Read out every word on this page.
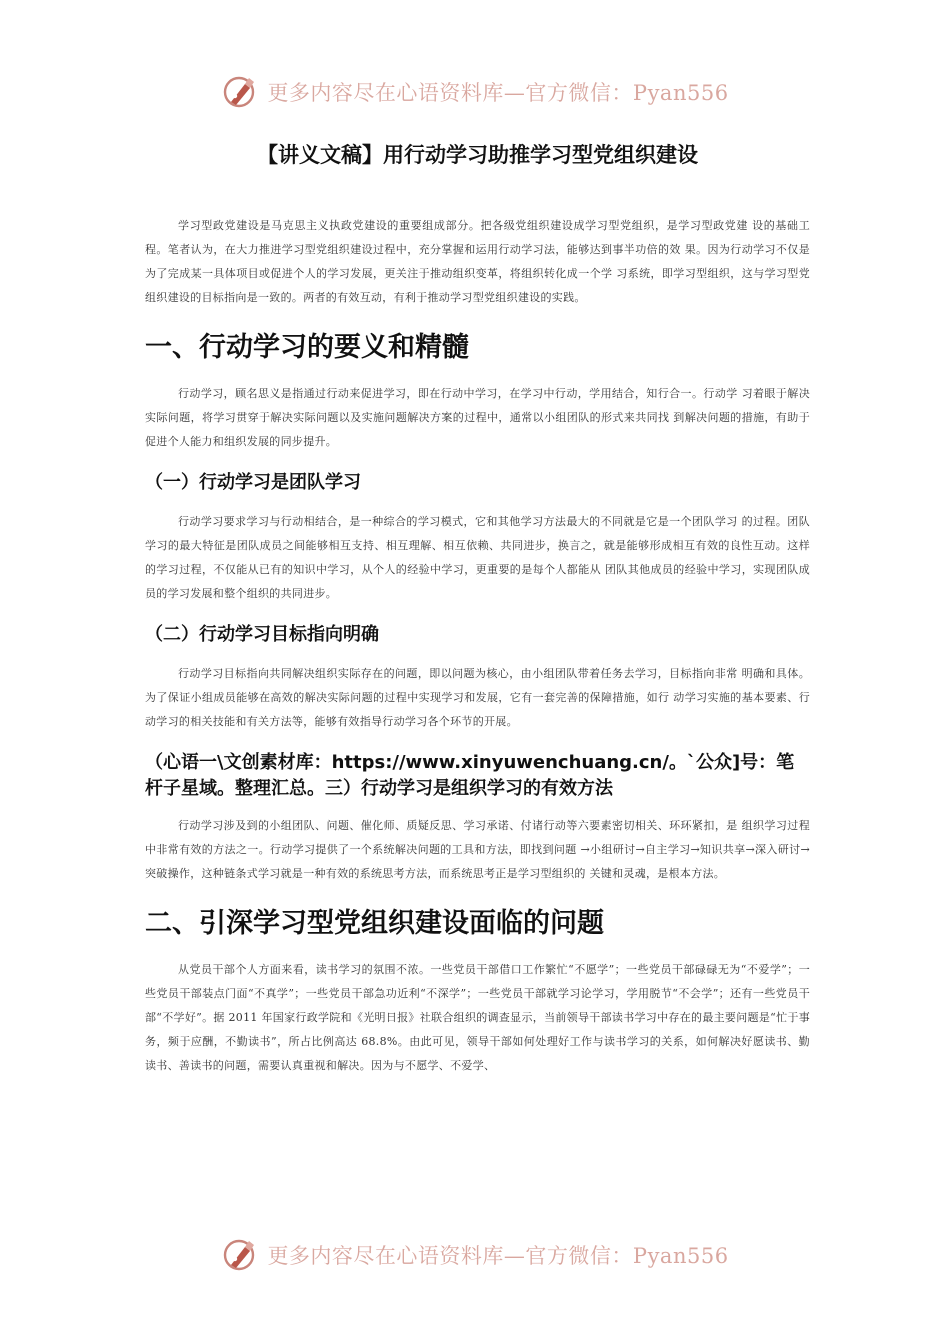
更多内容尽在心语资料库—官方微信：Pyan556
【讲义文稿】用行动学习助推学习型党组织建设

学习型政党建设是马克思主义执政党建设的重要组成部分。把各级党组织建设成学习型党组织，是学习型政党建 设的基础工程。笔者认为，在大力推进学习型党组织建设过程中，充分掌握和运用行动学习法，能够达到事半功倍的效 果。因为行动学习不仅是为了完成某一具体项目或促进个人的学习发展，更关注于推动组织变革，将组织转化成一个学 习系统，即学习型组织，这与学习型党组织建设的目标指向是一致的。两者的有效互动，有利于推动学习型党组织建设的实践。

一、行动学习的要义和精髓

行动学习，顾名思义是指通过行动来促进学习，即在行动中学习，在学习中行动，学用结合，知行合一。行动学 习着眼于解决实际问题，将学习贯穿于解决实际问题以及实施问题解决方案的过程中，通常以小组团队的形式来共同找 到解决问题的措施，有助于促进个人能力和组织发展的同步提升。

（一）行动学习是团队学习

行动学习要求学习与行动相结合，是一种综合的学习模式，它和其他学习方法最大的不同就是它是一个团队学习 的过程。团队学习的最大特征是团队成员之间能够相互支持、相互理解、相互依赖、共同进步，换言之，就是能够形成相互有效的良性互动。这样的学习过程，不仅能从已有的知识中学习，从个人的经验中学习，更重要的是每个人都能从 团队其他成员的经验中学习，实现团队成员的学习发展和整个组织的共同进步。

（二）行动学习目标指向明确

行动学习目标指向共同解决组织实际存在的问题，即以问题为核心，由小组团队带着任务去学习，目标指向非常 明确和具体。为了保证小组成员能够在高效的解决实际问题的过程中实现学习和发展，它有一套完善的保障措施，如行 动学习实施的基本要素、行动学习的相关技能和有关方法等，能够有效指导行动学习各个环节的开展。

（心语一\文创素材库：https://www.xinyuwenchuang.cn/。`公众]号：笔杆子星域。整理汇总。三）行动学习是组织学习的有效方法

行动学习涉及到的小组团队、问题、催化师、质疑反思、学习承诺、付诸行动等六要素密切相关、环环紧扣，是 组织学习过程中非常有效的方法之一。行动学习提供了一个系统解决问题的工具和方法，即找到问题 →小组研讨→自主学习→知识共享→深入研讨→突破操作，这种链条式学习就是一种有效的系统思考方法，而系统思考正是学习型组织的 关键和灵魂，是根本方法。

二、引深学习型党组织建设面临的问题

从党员干部个人方面来看，读书学习的氛围不浓。一些党员干部借口工作繁忙“不愿学”；一些党员干部碌碌无为“不爱学”；一些党员干部装点门面“不真学”；一些党员干部急功近利“不深学”；一些党员干部就学习论学习，学用脱节“不会学”；还有一些党员干部“不学好”。据 2011 年国家行政学院和《光明日报》社联合组织的调查显示，当前领导干部读书学习中存在的最主要问题是“忙于事务，频于应酬，不勤读书”，所占比例高达 68.8%。由此可见，领导干部如何处理好工作与读书学习的关系，如何解决好愿读书、勤读书、善读书的问题，需要认真重视和解决。因为与不愿学、不爱学、

更多内容尽在心语资料库—官方微信：Pyan556
